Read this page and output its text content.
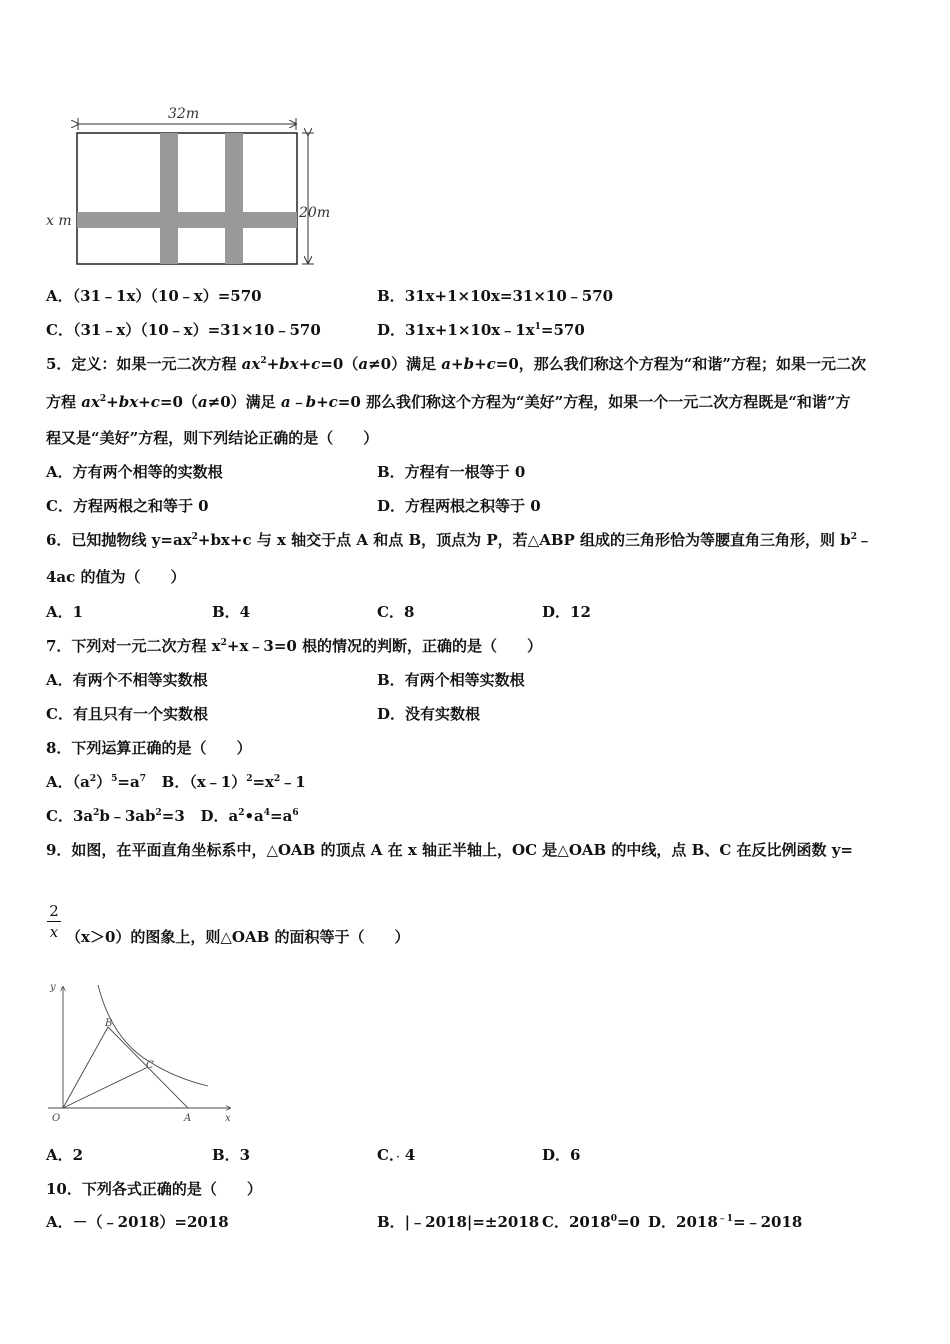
32m
20m
x m
A．（31﹣1x）（10﹣x）=570	B．31x+1×10x=31×10﹣570
C．（31﹣x）（10﹣x）=31×10﹣570	D．$31x+1\times 10x﹣1x^1=570$
5．定义：如果一元二次方程 $ax^2+bx+c=0(a\ne 0)$满足 a+b+c=0，那么我们称这个方程为“和谐”方程；如果一元二次
方程 $ax^2+bx+c=0(a\ne 0)$满足 a﹣b+c=0 那么我们称这个方程为“美好”方程，如果一个一元二次方程既是“和谐”方
程又是“美好”方程，则下列结论正确的是（　　）
A．方有两个相等的实数根	B．方程有一根等于 0
C．方程两根之和等于 0	D．方程两根之积等于 0
6．已知抛物线 $y=ax^2+bx+c$ 与 x 轴交于点 A 和点 B，顶点为 P，若△ABP 组成的三角形恰为等腰直角三角形，则 $b^2﹣$
4ac 的值为（　　）
A．1	B．4	C．8	D．12
7．下列对一元二次方程 $x^2+x﹣3=0$ 根的情况的判断，正确的是（　　）
A．有两个不相等实数根	B．有两个相等实数根
C．有且只有一个实数根	D．没有实数根
8．下列运算正确的是（　　）
A．$(a^2)^5=a^7$ B．$(x﹣1)^2=x^2﹣1$
C．$3a^2b﹣3ab^2=3$ D．$a^2•a^4=a^6$
9．如图，在平面直角坐标系中，△OAB 的顶点 A 在 x 轴正半轴上，OC 是△OAB 的中线，点 B、C 在反比例函数 y=
2
x （x＞0）的图象上，则△OAB 的面积等于（　　）
y
x
O	A
B
C
A．2	B．3	C．· 4	D．6
10．下列各式正确的是（　　）
A．－（﹣2018）=2018	B．|﹣2018|=±2018 C．$2018^0=0$ D．$2018^{﹣1}=﹣2018$
